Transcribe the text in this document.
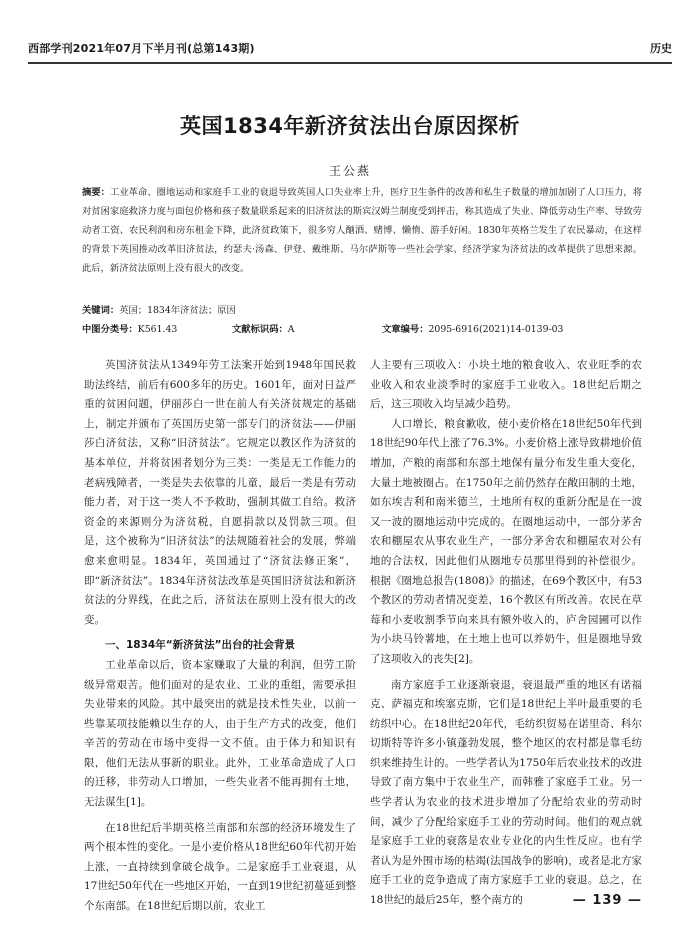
西部学刊2021年07月下半月刊(总第143期)	历史
英国1834年新济贫法出台原因探析
王公燕
摘要：工业革命、圈地运动和家庭手工业的衰退导致英国人口失业率上升，医疗卫生条件的改善和私生子数量的增加加剧了人口压力，将对贫困家庭救济力度与面包价格和孩子数量联系起来的旧济贫法的斯宾汉姆兰制度受到抨击，称其造成了失业、降低劳动生产率、导致劳动者工资、农民利润和房东租金下降，此济贫政策下，很多穷人酗酒、赌博、懒惰、游手好闲。1830年英格兰发生了农民暴动，在这样的背景下英国推动改革旧济贫法，约瑟夫·汤森、伊登、戴维斯、马尔萨斯等一些社会学家、经济学家为济贫法的改革提供了思想来源。此后，新济贫法原则上没有很大的改变。
关键词：英国；1834年济贫法；原因
中图分类号：K561.43	文献标识码：A	文章编号：2095-6916(2021)14-0139-03

英国济贫法从1349年劳工法案开始到1948年国民救助法终结，前后有600多年的历史。1601年，面对日益严重的贫困问题，伊丽莎白一世在前人有关济贫规定的基础上，制定并颁布了英国历史第一部专门的济贫法——伊丽莎白济贫法，又称“旧济贫法”。它规定以教区作为济贫的基本单位，并将贫困者划分为三类：一类是无工作能力的老病残障者，一类是失去依靠的儿童，最后一类是有劳动能力者，对于这一类人不予救助，强制其做工自给。救济资金的来源则分为济贫税，自愿捐款以及罚款三项。但是，这个被称为“旧济贫法”的法规随着社会的发展，弊端愈来愈明显。1834年，英国通过了“济贫法修正案”，即“新济贫法”。1834年济贫法改革是英国旧济贫法和新济贫法的分界线，在此之后，济贫法在原则上没有很大的改变。

一、1834年“新济贫法”出台的社会背景

工业革命以后，资本家赚取了大量的利润，但劳工阶级异常艰苦。他们面对的是农业、工业的重组，需要承担失业带来的风险。其中最突出的就是技术性失业，以前一些靠某项技能赖以生存的人，由于生产方式的改变，他们辛苦的劳动在市场中变得一文不值。由于体力和知识有限，他们无法从事新的职业。此外，工业革命造成了人口的迁移，非劳动人口增加，一些失业者不能再拥有土地，无法谋生[1]。

在18世纪后半期英格兰南部和东部的经济环境发生了两个根本性的变化。一是小麦价格从18世纪60年代初开始上涨，一直持续到拿破仑战争。二是家庭手工业衰退，从17世纪50年代在一些地区开始，一直到19世纪初蔓延到整个东南部。在18世纪后期以前，农业工

人主要有三项收入：小块土地的粮食收入、农业旺季的农业收入和农业淡季时的家庭手工业收入。18世纪后期之后，这三项收入均呈减少趋势。

人口增长，粮食歉收，使小麦价格在18世纪50年代到18世纪90年代上涨了76.3%。小麦价格上涨导致耕地价值增加，产粮的南部和东部土地保有量分布发生重大变化，大量土地被圈占。在1750年之前仍然存在敞田制的土地，如东埃吉利和南米德兰，土地所有权的重新分配是在一波又一波的圈地运动中完成的。在圈地运动中，一部分茅舍农和棚屋农从事农业生产，一部分茅舍农和棚屋农对公有地的合法权，因此他们从圈地专员那里得到的补偿很少。根据《圈地总报告(1808)》的描述，在69个教区中，有53个教区的劳动者情况变差，16个教区有所改善。农民在草莓和小麦收割季节向来具有额外收入的，庐舍园圃可以作为小块马铃薯地，在土地上也可以养奶牛，但是圈地导致了这项收入的丧失[2]。

南方家庭手工业逐渐衰退，衰退最严重的地区有诺福克、萨福克和埃塞克斯，它们是18世纪上半叶最重要的毛纺织中心。在18世纪20年代，毛纺织贸易在诺里奇、科尔切斯特等许多小镇蓬勃发展，整个地区的农村都是靠毛纺织来维持生计的。一些学者认为1750年后农业技术的改进导致了南方集中于农业生产，而韩雅了家庭手工业。另一些学者认为农业的技术进步增加了分配给农业的劳动时间，减少了分配给家庭手工业的劳动时间。他们的观点就是家庭手工业的衰落是农业专业化的内生性反应。也有学者认为是外围市场的枯竭(法国战争的影响)，或者是北方家庭手工业的竞争造成了南方家庭手工业的衰退。总之，在18世纪的最后25年，整个南方的	— 139 —
